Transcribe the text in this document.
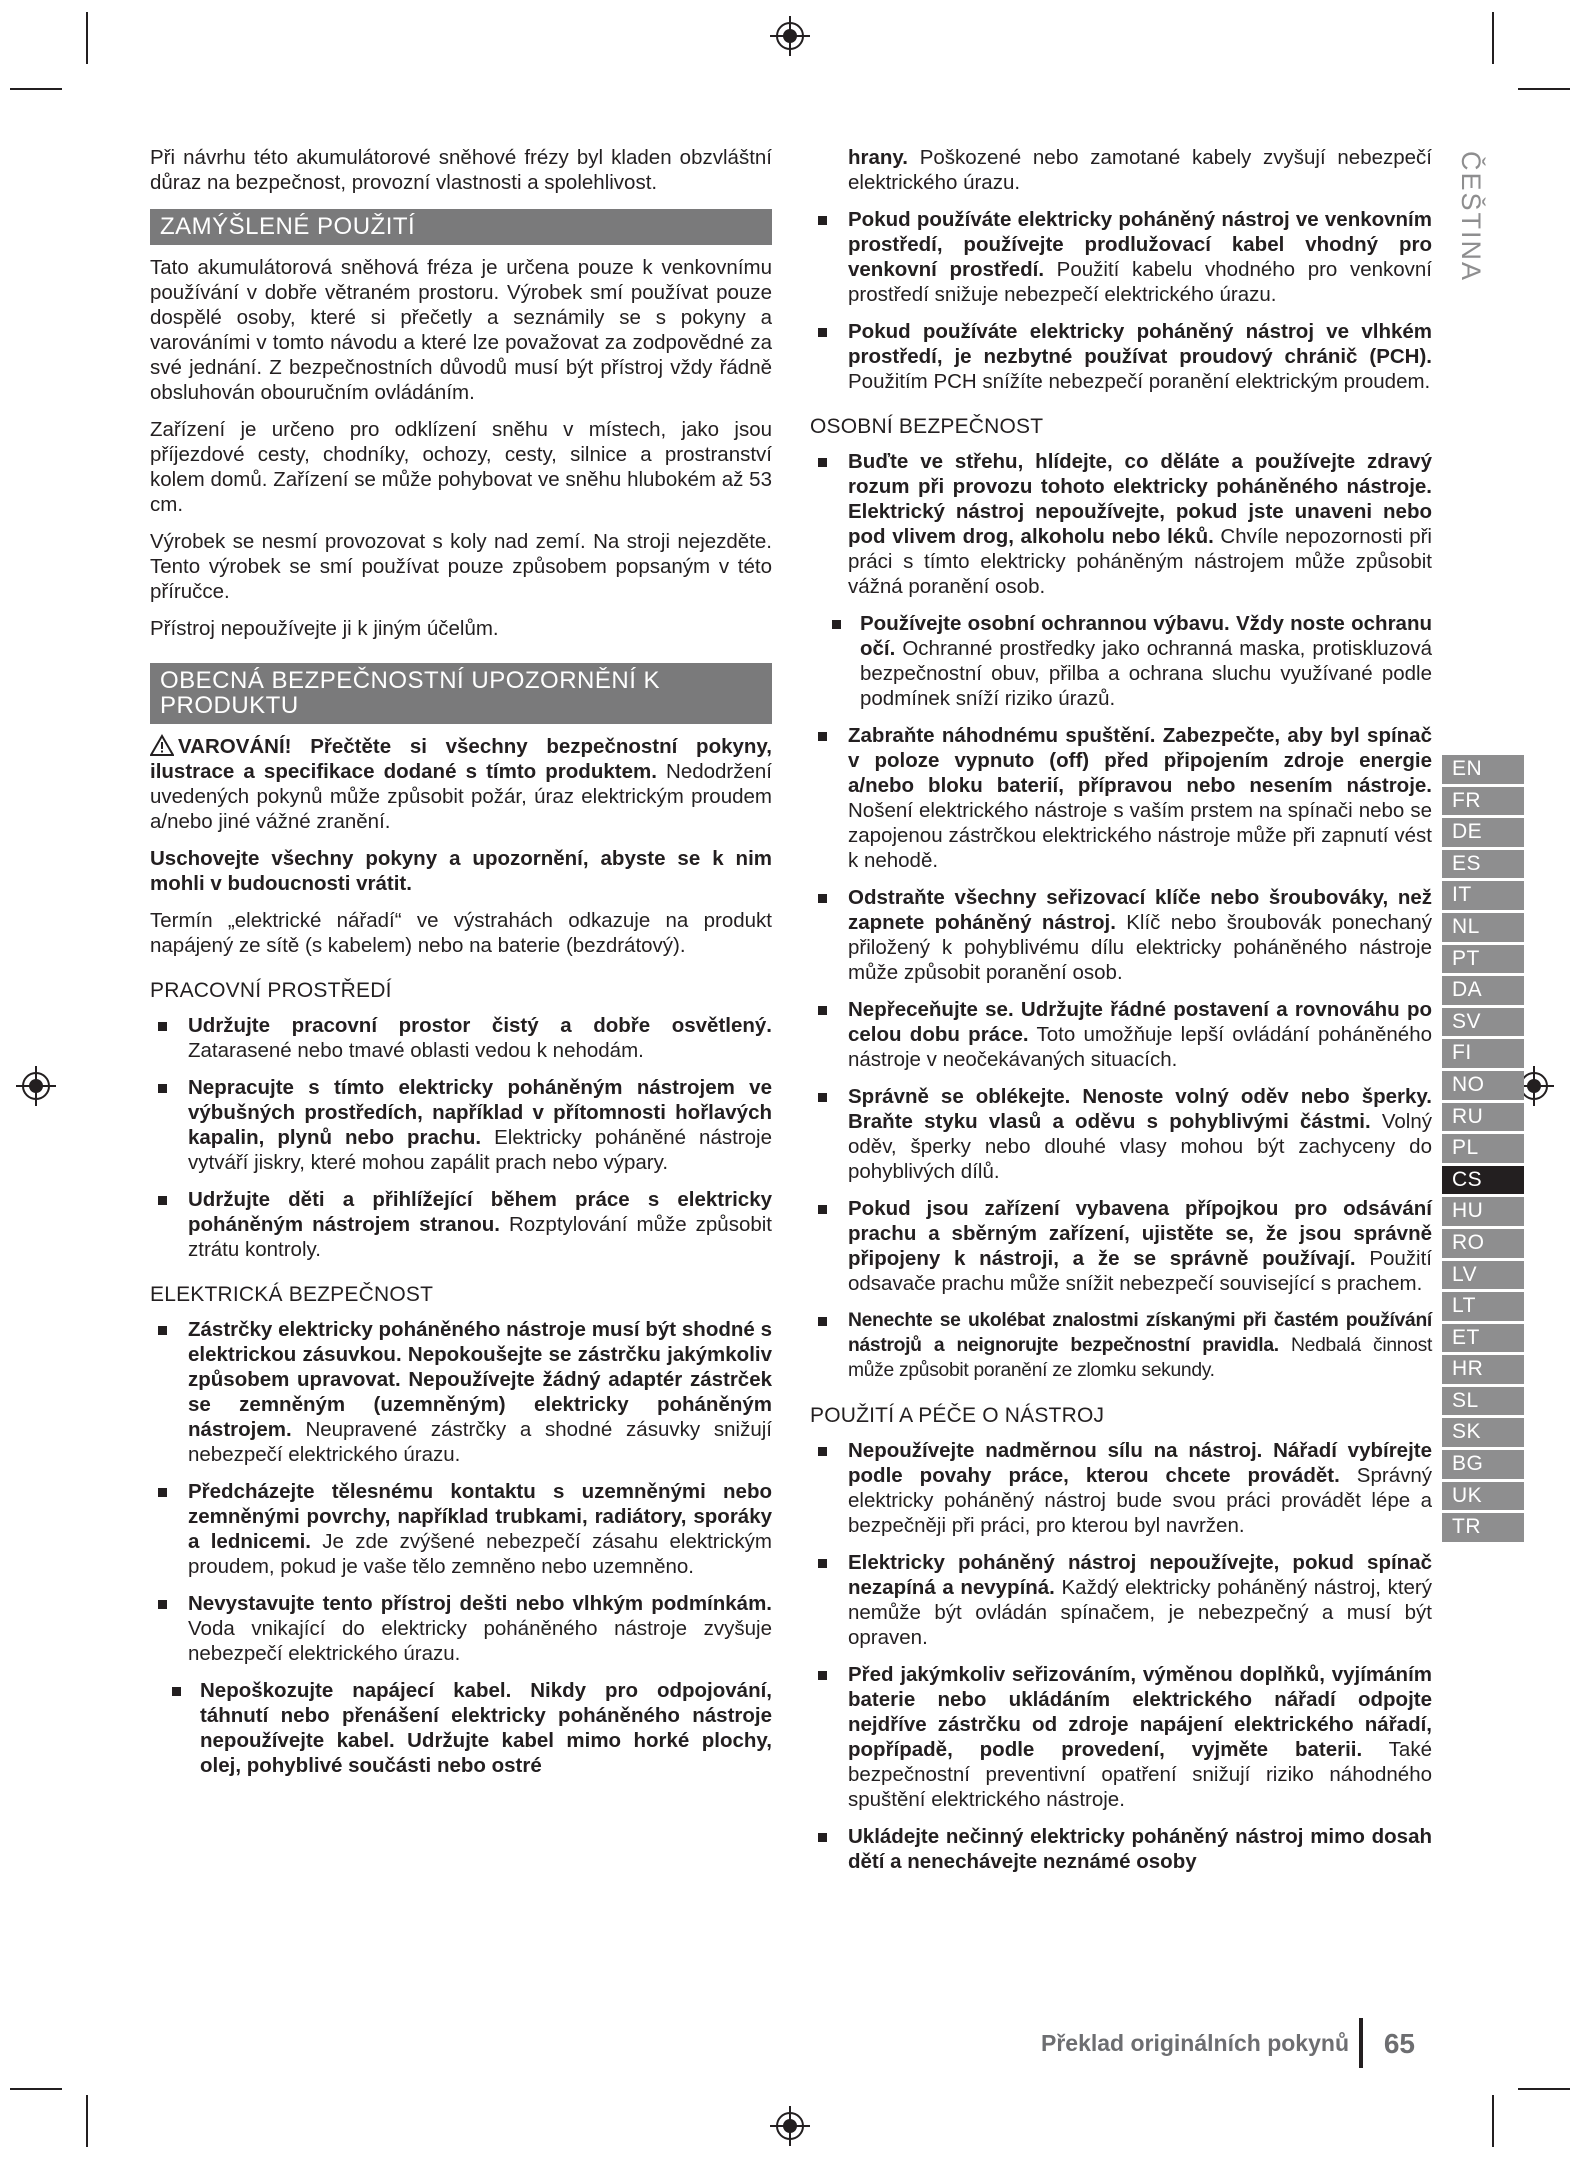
ČEŠTINA

Při návrhu této akumulátorové sněhové frézy byl kladen obzvláštní důraz na bezpečnost, provozní vlastnosti a spolehlivost.

ZAMÝŠLENÉ POUŽITÍ

Tato akumulátorová sněhová fréza je určena pouze k venkovnímu používání v dobře větraném prostoru. Výrobek smí používat pouze dospělé osoby, které si přečetly a seznámily se s pokyny a varováními v tomto návodu a které lze považovat za zodpovědné za své jednání. Z bezpečnostních důvodů musí být přístroj vždy řádně obsluhován obouručním ovládáním.

Zařízení je určeno pro odklízení sněhu v místech, jako jsou příjezdové cesty, chodníky, ochozy, cesty, silnice a prostranství kolem domů. Zařízení se může pohybovat ve sněhu hlubokém až 53 cm.

Výrobek se nesmí provozovat s koly nad zemí. Na stroji nejezděte. Tento výrobek se smí používat pouze způsobem popsaným v této příručce.

Přístroj nepoužívejte ji k jiným účelům.

OBECNÁ BEZPEČNOSTNÍ UPOZORNĚNÍ K PRODUKTU

VAROVÁNÍ! Přečtěte si všechny bezpečnostní pokyny, ilustrace a specifikace dodané s tímto produktem. Nedodržení uvedených pokynů může způsobit požár, úraz elektrickým proudem a/nebo jiné vážné zranění.

Uschovejte všechny pokyny a upozornění, abyste se k nim mohli v budoucnosti vrátit.

Termín „elektrické nářadí“ ve výstrahách odkazuje na produkt napájený ze sítě (s kabelem) nebo na baterie (bezdrátový).

PRACOVNÍ PROSTŘEDÍ
Udržujte pracovní prostor čistý a dobře osvětlený. Zatarasené nebo tmavé oblasti vedou k nehodám.
Nepracujte s tímto elektricky poháněným nástrojem ve výbušných prostředích, například v přítomnosti hořlavých kapalin, plynů nebo prachu. Elektricky poháněné nástroje vytváří jiskry, které mohou zapálit prach nebo výpary.
Udržujte děti a přihlížející během práce s elektricky poháněným nástrojem stranou. Rozptylování může způsobit ztrátu kontroly.
ELEKTRICKÁ BEZPEČNOST
Zástrčky elektricky poháněného nástroje musí být shodné s elektrickou zásuvkou. Nepokoušejte se zástrčku jakýmkoliv způsobem upravovat. Nepoužívejte žádný adaptér zástrček se zemněným (uzemněným) elektricky poháněným nástrojem. Neupravené zástrčky a shodné zásuvky snižují nebezpečí elektrického úrazu.
Předcházejte tělesnému kontaktu s uzemněnými nebo zemněnými povrchy, například trubkami, radiátory, sporáky a lednicemi. Je zde zvýšené nebezpečí zásahu elektrickým proudem, pokud je vaše tělo zemněno nebo uzemněno.
Nevystavujte tento přístroj dešti nebo vlhkým podmínkám. Voda vnikající do elektricky poháněného nástroje zvyšuje nebezpečí elektrického úrazu.
Nepoškozujte napájecí kabel. Nikdy pro odpojování, táhnutí nebo přenášení elektricky poháněného nástroje nepoužívejte kabel. Udržujte kabel mimo horké plochy, olej, pohyblivé součásti nebo ostré

hrany. Poškozené nebo zamotané kabely zvyšují nebezpečí elektrického úrazu.

Pokud používáte elektricky poháněný nástroj ve venkovním prostředí, používejte prodlužovací kabel vhodný pro venkovní prostředí. Použití kabelu vhodného pro venkovní prostředí snižuje nebezpečí elektrického úrazu.
Pokud používáte elektricky poháněný nástroj ve vlhkém prostředí, je nezbytné používat proudový chránič (PCH). Použitím PCH snížíte nebezpečí poranění elektrickým proudem.
OSOBNÍ BEZPEČNOST
Buďte ve střehu, hlídejte, co děláte a používejte zdravý rozum při provozu tohoto elektricky poháněného nástroje. Elektrický nástroj nepoužívejte, pokud jste unaveni nebo pod vlivem drog, alkoholu nebo léků. Chvíle nepozornosti při práci s tímto elektricky poháněným nástrojem může způsobit vážná poranění osob.
Používejte osobní ochrannou výbavu. Vždy noste ochranu očí. Ochranné prostředky jako ochranná maska, protiskluzová bezpečnostní obuv, přilba a ochrana sluchu využívané podle podmínek sníží riziko úrazů.
Zabraňte náhodnému spuštění. Zabezpečte, aby byl spínač v poloze vypnuto (off) před připojením zdroje energie a/nebo bloku baterií, přípravou nebo nesením nástroje. Nošení elektrického nástroje s vaším prstem na spínači nebo se zapojenou zástrčkou elektrického nástroje může při zapnutí vést k nehodě.
Odstraňte všechny seřizovací klíče nebo šroubováky, než zapnete poháněný nástroj. Klíč nebo šroubovák ponechaný přiložený k pohyblivému dílu elektricky poháněného nástroje může způsobit poranění osob.
Nepřeceňujte se. Udržujte řádné postavení a rovnováhu po celou dobu práce. Toto umožňuje lepší ovládání poháněného nástroje v neočekávaných situacích.
Správně se oblékejte. Nenoste volný oděv nebo šperky. Braňte styku vlasů a oděvu s pohyblivými částmi. Volný oděv, šperky nebo dlouhé vlasy mohou být zachyceny do pohyblivých dílů.
Pokud jsou zařízení vybavena přípojkou pro odsávání prachu a sběrným zařízení, ujistěte se, že jsou správně připojeny k nástroji, a že se správně používají. Použití odsavače prachu může snížit nebezpečí související s prachem.
Nenechte se ukolébat znalostmi získanými při častém používání nástrojů a neignorujte bezpečnostní pravidla. Nedbalá činnost může způsobit poranění ze zlomku sekundy.
POUŽITÍ A PÉČE O NÁSTROJ
Nepoužívejte nadměrnou sílu na nástroj. Nářadí vybírejte podle povahy práce, kterou chcete provádět. Správný elektricky poháněný nástroj bude svou práci provádět lépe a bezpečněji při práci, pro kterou byl navržen.
Elektricky poháněný nástroj nepoužívejte, pokud spínač nezapíná a nevypíná. Každý elektricky poháněný nástroj, který nemůže být ovládán spínačem, je nebezpečný a musí být opraven.
Před jakýmkoliv seřizováním, výměnou doplňků, vyjímáním baterie nebo ukládáním elektrického nářadí odpojte nejdříve zástrčku od zdroje napájení elektrického nářadí, popřípadě, podle provedení, vyjměte baterii. Také bezpečnostní preventivní opatření snižují riziko náhodného spuštění elektrického nástroje.
Ukládejte nečinný elektricky poháněný nástroj mimo dosah dětí a nenechávejte neznámé osoby
EN
FR
DE
ES
IT
NL
PT
DA
SV
FI
NO
RU
PL
CS
HU
RO
LV
LT
ET
HR
SL
SK
BG
UK
TR
Překlad originálních pokynů 65
